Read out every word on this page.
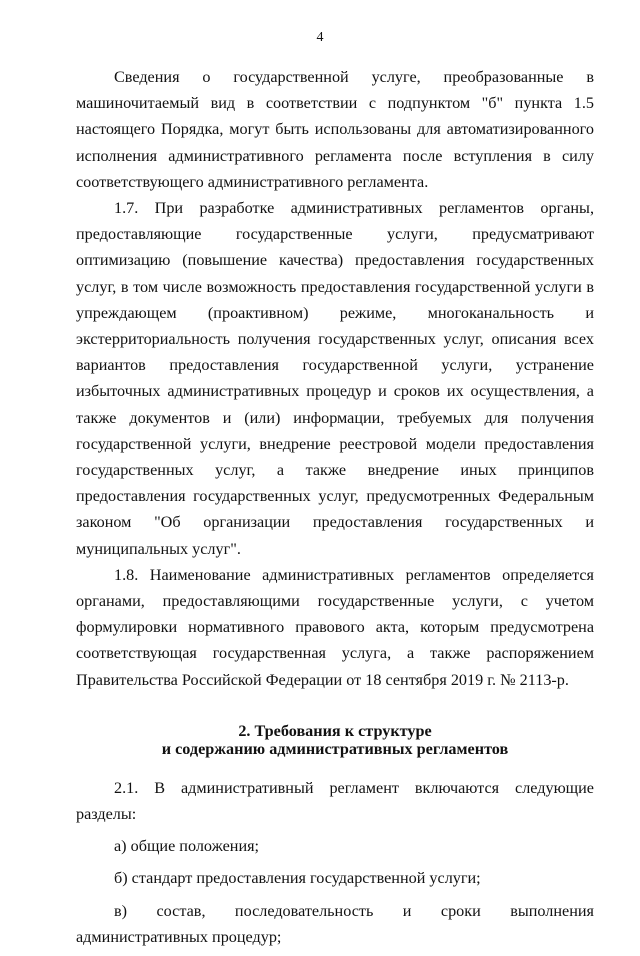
4

Сведения о государственной услуге, преобразованные в машиночитаемый вид в соответствии с подпунктом "б" пункта 1.5 настоящего Порядка, могут быть использованы для автоматизированного исполнения административного регламента после вступления в силу соответствующего административного регламента.

1.7. При разработке административных регламентов органы, предоставляющие государственные услуги, предусматривают оптимизацию (повышение качества) предоставления государственных услуг, в том числе возможность предоставления государственной услуги в упреждающем (проактивном) режиме, многоканальность и экстерриториальность получения государственных услуг, описания всех вариантов предоставления государственной услуги, устранение избыточных административных процедур и сроков их осуществления, а также документов и (или) информации, требуемых для получения государственной услуги, внедрение реестровой модели предоставления государственных услуг, а также внедрение иных принципов предоставления государственных услуг, предусмотренных Федеральным законом "Об организации предоставления государственных и муниципальных услуг".

1.8. Наименование административных регламентов определяется органами, предоставляющими государственные услуги, с учетом формулировки нормативного правового акта, которым предусмотрена соответствующая государственная услуга, а также распоряжением Правительства Российской Федерации от 18 сентября 2019 г. № 2113-р.

2. Требования к структуре
и содержанию административных регламентов

2.1. В административный регламент включаются следующие разделы:

а) общие положения;

б) стандарт предоставления государственной услуги;

в) состав, последовательность и сроки выполнения административных процедур;
